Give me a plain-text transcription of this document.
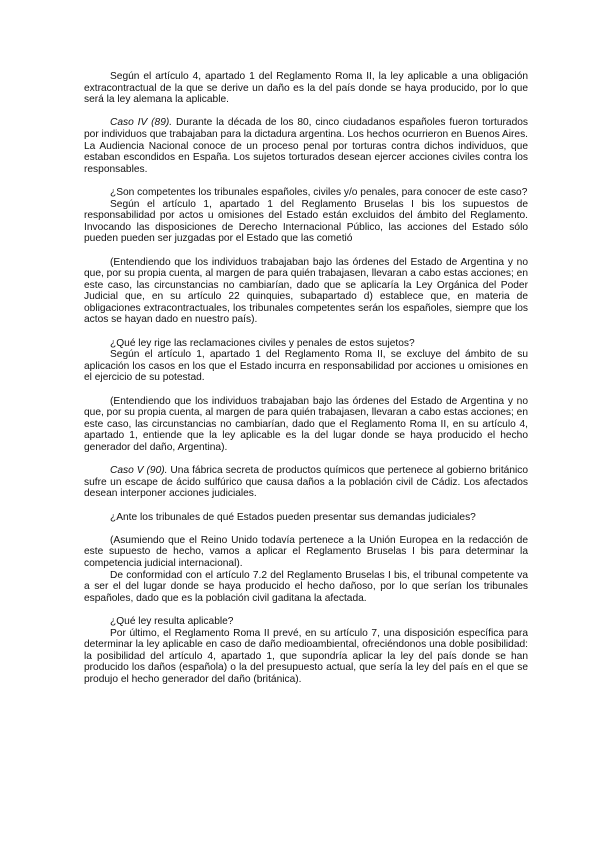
Según el artículo 4, apartado 1 del Reglamento Roma II, la ley aplicable a una obligación extracontractual de la que se derive un daño es la del país donde se haya producido, por lo que será la ley alemana la aplicable.

Caso IV (89). Durante la década de los 80, cinco ciudadanos españoles fueron torturados por individuos que trabajaban para la dictadura argentina. Los hechos ocurrieron en Buenos Aires. La Audiencia Nacional conoce de un proceso penal por torturas contra dichos individuos, que estaban escondidos en España. Los sujetos torturados desean ejercer acciones civiles contra los responsables.

¿Son competentes los tribunales españoles, civiles y/o penales, para conocer de este caso?

Según el artículo 1, apartado 1 del Reglamento Bruselas I bis los supuestos de responsabilidad por actos u omisiones del Estado están excluidos del ámbito del Reglamento. Invocando las disposiciones de Derecho Internacional Público, las acciones del Estado sólo pueden pueden ser juzgadas por el Estado que las cometió

(Entendiendo que los individuos trabajaban bajo las órdenes del Estado de Argentina y no que, por su propia cuenta, al margen de para quién trabajasen, llevaran a cabo estas acciones; en este caso, las circunstancias no cambiarían, dado que se aplicaría la Ley Orgánica del Poder Judicial que, en su artículo 22 quinquies, subapartado d) establece que, en materia de obligaciones extracontractuales, los tribunales competentes serán los españoles, siempre que los actos se hayan dado en nuestro país).

¿Qué ley rige las reclamaciones civiles y penales de estos sujetos?

Según el artículo 1, apartado 1 del Reglamento Roma II, se excluye del ámbito de su aplicación los casos en los que el Estado incurra en responsabilidad por acciones u omisiones en el ejercicio de su potestad.

(Entendiendo que los individuos trabajaban bajo las órdenes del Estado de Argentina y no que, por su propia cuenta, al margen de para quién trabajasen, llevaran a cabo estas acciones; en este caso, las circunstancias no cambiarían, dado que el Reglamento Roma II, en su artículo 4, apartado 1, entiende que la ley aplicable es la del lugar donde se haya producido el hecho generador del daño, Argentina).

Caso V (90). Una fábrica secreta de productos químicos que pertenece al gobierno británico sufre un escape de ácido sulfúrico que causa daños a la población civil de Cádiz. Los afectados desean interponer acciones judiciales.

¿Ante los tribunales de qué Estados pueden presentar sus demandas judiciales?

(Asumiendo que el Reino Unido todavía pertenece a la Unión Europea en la redacción de este supuesto de hecho, vamos a aplicar el Reglamento Bruselas I bis para determinar la competencia judicial internacional).

De conformidad con el artículo 7.2 del Reglamento Bruselas I bis, el tribunal competente va a ser el del lugar donde se haya producido el hecho dañoso, por lo que serían los tribunales españoles, dado que es la población civil gaditana la afectada.

¿Qué ley resulta aplicable?

Por último, el Reglamento Roma II prevé, en su artículo 7, una disposición específica para determinar la ley aplicable en caso de daño medioambiental, ofreciéndonos una doble posibilidad: la posibilidad del artículo 4, apartado 1, que supondría aplicar la ley del país donde se han producido los daños (española) o la del presupuesto actual, que sería la ley del país en el que se produjo el hecho generador del daño (británica).
